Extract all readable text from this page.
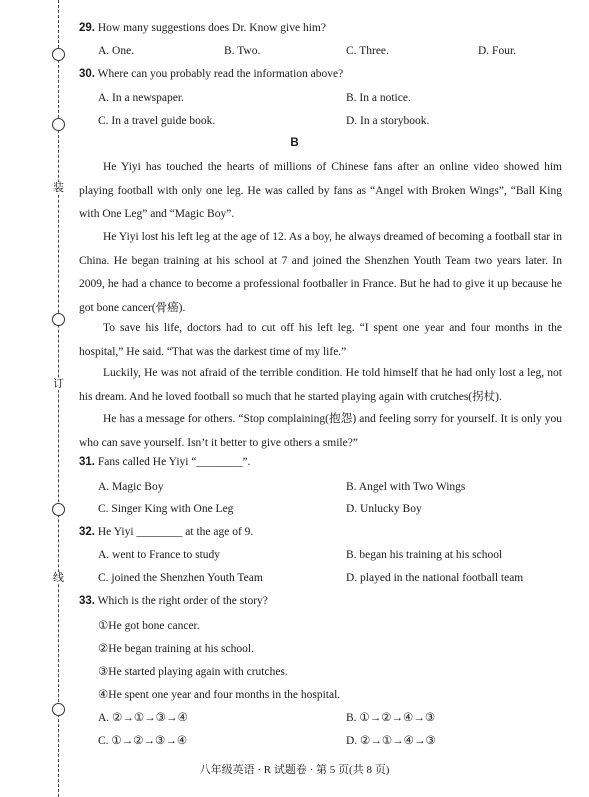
装
订
线
29. How many suggestions does Dr. Know give him?
A. One.	B. Two.	C. Three.	D. Four.
30. Where can you probably read the information above?
A. In a newspaper.	B. In a notice.
C. In a travel guide book.	D. In a storybook.
B
He Yiyi has touched the hearts of millions of Chinese fans after an online video showed him playing football with only one leg. He was called by fans as “Angel with Broken Wings”, “Ball King with One Leg” and “Magic Boy”.
He Yiyi lost his left leg at the age of 12. As a boy, he always dreamed of becoming a football star in China. He began training at his school at 7 and joined the Shenzhen Youth Team two years later. In 2009, he had a chance to become a professional footballer in France. But he had to give it up because he got bone cancer(骨癌).
To save his life, doctors had to cut off his left leg. “I spent one year and four months in the hospital,” He said. “That was the darkest time of my life.”
Luckily, He was not afraid of the terrible condition. He told himself that he had only lost a leg, not his dream. And he loved football so much that he started playing again with crutches(拐杖).
He has a message for others. “Stop complaining(抱怨) and feeling sorry for yourself. It is only you who can save yourself. Isn’t it better to give others a smile?”
31. Fans called He Yiyi “________”.
A. Magic Boy	B. Angel with Two Wings
C. Singer King with One Leg	D. Unlucky Boy
32. He Yiyi ________ at the age of 9.
A. went to France to study	B. began his training at his school
C. joined the Shenzhen Youth Team	D. played in the national football team
33. Which is the right order of the story?
①He got bone cancer.
②He began training at his school.
③He started playing again with crutches.
④He spent one year and four months in the hospital.
A. ②→①→③→④	B. ①→②→④→③
C. ①→②→③→④	D. ②→①→④→③
八年级英语 · R 试题卷 · 第 5 页(共 8 页)
